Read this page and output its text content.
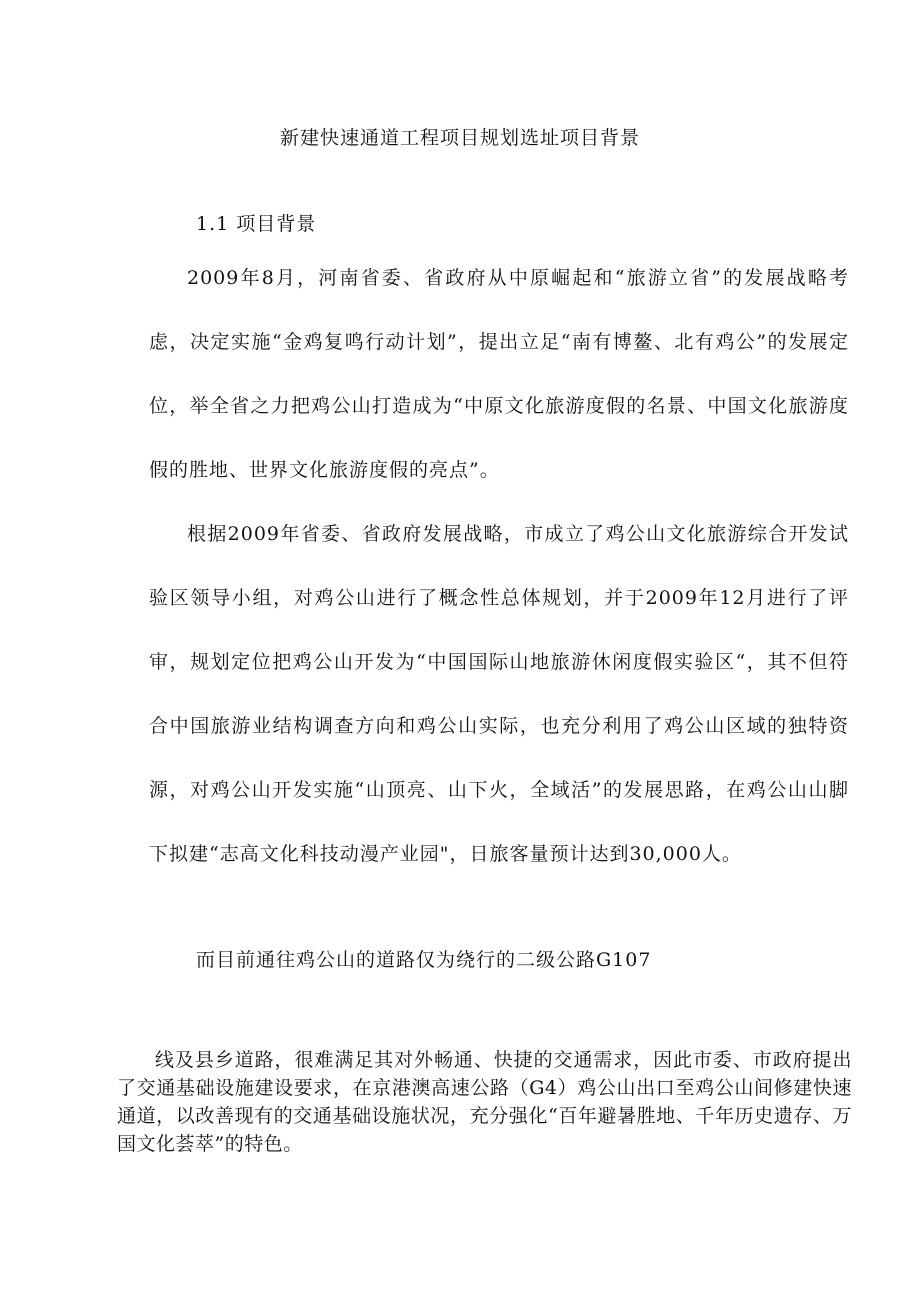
新建快速通道工程项目规划选址项目背景
1.1 项目背景

2009年8月，河南省委、省政府从中原崛起和“旅游立省”的发展战略考虑，决定实施“金鸡复鸣行动计划”，提出立足“南有博鳌、北有鸡公”的发展定位，举全省之力把鸡公山打造成为“中原文化旅游度假的名景、中国文化旅游度假的胜地、世界文化旅游度假的亮点”。

根据2009年省委、省政府发展战略，市成立了鸡公山文化旅游综合开发试验区领导小组，对鸡公山进行了概念性总体规划，并于2009年12月进行了评审，规划定位把鸡公山开发为“中国国际山地旅游休闲度假实验区“，其不但符合中国旅游业结构调查方向和鸡公山实际，也充分利用了鸡公山区域的独特资源，对鸡公山开发实施“山顶亮、山下火，全域活”的发展思路，在鸡公山山脚下拟建“志高文化科技动漫产业园"，日旅客量预计达到30,000人。

而目前通往鸡公山的道路仅为绕行的二级公路G107

线及县乡道路，很难满足其对外畅通、快捷的交通需求，因此市委、市政府提出了交通基础设施建设要求，在京港澳高速公路（G4）鸡公山出口至鸡公山间修建快速通道，以改善现有的交通基础设施状况，充分强化“百年避暑胜地、千年历史遗存、万国文化荟萃”的特色。
